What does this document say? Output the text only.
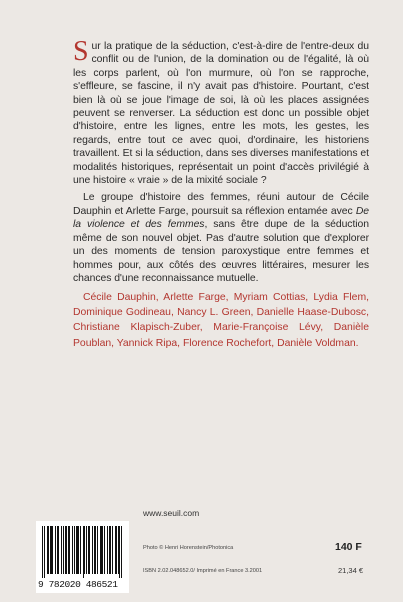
Sur la pratique de la séduction, c'est-à-dire de l'entre-deux du conflit ou de l'union, de la domination ou de l'égalité, là où les corps parlent, où l'on murmure, où l'on se rapproche, s'effleure, se fascine, il n'y avait pas d'histoire. Pourtant, c'est bien là où se joue l'image de soi, là où les places assignées peuvent se renverser. La séduction est donc un possible objet d'histoire, entre les lignes, entre les mots, les gestes, les regards, entre tout ce avec quoi, d'ordinaire, les historiens travaillent. Et si la séduction, dans ses diverses manifestations et modalités historiques, représentait un point d'accès privilégié à une histoire « vraie » de la mixité sociale ?

Le groupe d'histoire des femmes, réuni autour de Cécile Dauphin et Arlette Farge, poursuit sa réflexion entamée avec De la violence et des femmes, sans être dupe de la séduction même de son nouvel objet. Pas d'autre solution que d'explorer un des moments de tension paroxystique entre femmes et hommes pour, aux côtés des œuvres littéraires, mesurer les chances d'une reconnaissance mutuelle.

Cécile Dauphin, Arlette Farge, Myriam Cottias, Lydia Flem, Dominique Godineau, Nancy L. Green, Danielle Haase-Dubosc, Christiane Klapisch-Zuber, Marie-Françoise Lévy, Danièle Poublan, Yannick Ripa, Florence Rochefort, Danièle Voldman.

www.seuil.com
Photo © Henri Horenstein/Photonica
ISBN 2.02.048652.0/ Imprimé en France 3.2001
140 F
21,34 €
9 782020 486521
